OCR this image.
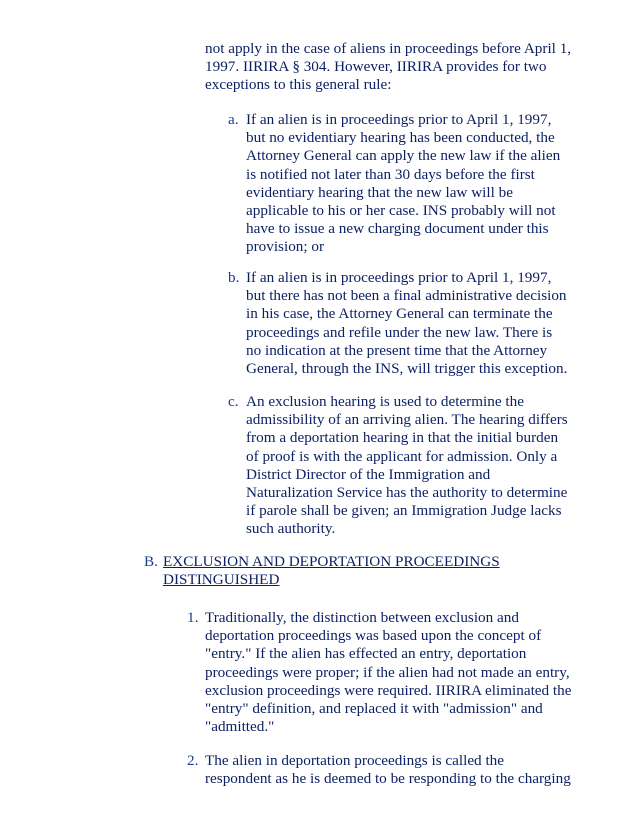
not apply in the case of aliens in proceedings before April 1,
1997. IIRIRA § 304. However, IIRIRA provides for two
exceptions to this general rule:

a. If an alien is in proceedings prior to April 1, 1997,
but no evidentiary hearing has been conducted, the
Attorney General can apply the new law if the alien
is notified not later than 30 days before the first
evidentiary hearing that the new law will be
applicable to his or her case. INS probably will not
have to issue a new charging document under this
provision; or

b. If an alien is in proceedings prior to April 1, 1997,
but there has not been a final administrative decision
in his case, the Attorney General can terminate the
proceedings and refile under the new law. There is
no indication at the present time that the Attorney
General, through the INS, will trigger this exception.

c. An exclusion hearing is used to determine the
admissibility of an arriving alien. The hearing differs
from a deportation hearing in that the initial burden
of proof is with the applicant for admission. Only a
District Director of the Immigration and
Naturalization Service has the authority to determine
if parole shall be given; an Immigration Judge lacks
such authority.

B. EXCLUSION AND DEPORTATION PROCEEDINGS

DISTINGUISHED

1. Traditionally, the distinction between exclusion and
deportation proceedings was based upon the concept of
"entry." If the alien has effected an entry, deportation
proceedings were proper; if the alien had not made an entry,
exclusion proceedings were required. IIRIRA eliminated the
"entry" definition, and replaced it with "admission" and
"admitted."

2. The alien in deportation proceedings is called the
respondent as he is deemed to be responding to the charging
